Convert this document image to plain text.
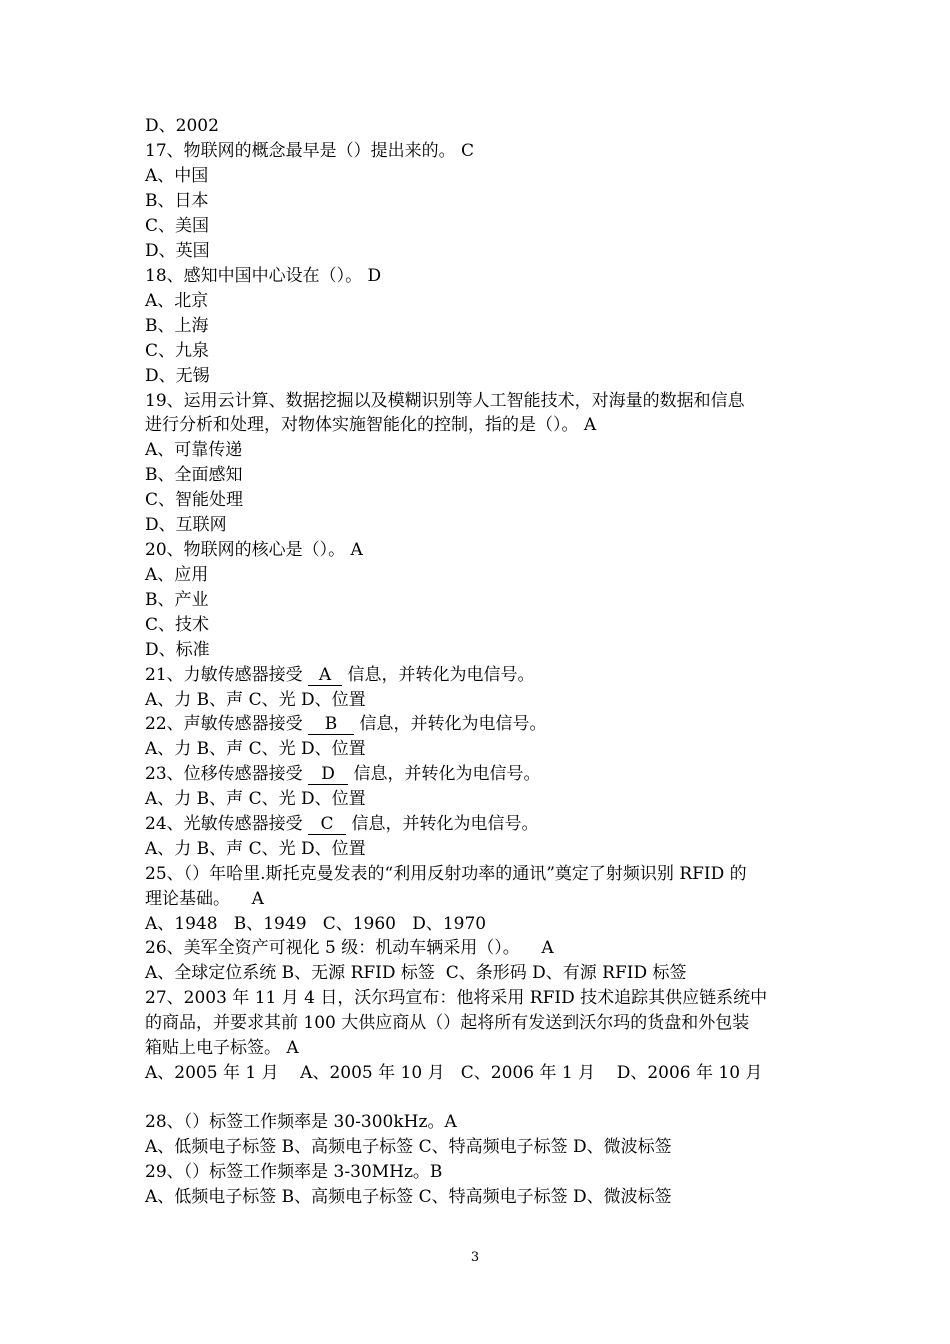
D、2002
17、物联网的概念最早是（）提出来的。 C
A、中国
B、日本
C、美国
D、英国
18、感知中国中心设在（）。 D
A、北京
B、上海
C、九泉
D、无锡
19、运用云计算、数据挖掘以及模糊识别等人工智能技术，对海量的数据和信息
进行分析和处理，对物体实施智能化的控制，指的是（）。 A
A、可靠传递
B、全面感知
C、智能处理
D、互联网
20、物联网的核心是（）。 A
A、应用
B、产业
C、技术
D、标准
21、力敏传感器接受 A 信息，并转化为电信号。
A、力 B、声 C、光 D、位置
22、声敏传感器接受 B 信息，并转化为电信号。
A、力 B、声 C、光 D、位置
23、位移传感器接受 D 信息，并转化为电信号。
A、力 B、声 C、光 D、位置
24、光敏传感器接受 C 信息，并转化为电信号。
A、力 B、声 C、光 D、位置
25、（）年哈里.斯托克曼发表的“利用反射功率的通讯”奠定了射频识别 RFID 的
理论基础。    A
A、1948   B、1949   C、1960   D、1970
26、美军全资产可视化 5 级：机动车辆采用（）。    A
A、全球定位系统 B、无源 RFID 标签  C、条形码 D、有源 RFID 标签
27、2003 年 11 月 4 日，沃尔玛宣布：他将采用 RFID 技术追踪其供应链系统中
的商品，并要求其前 100 大供应商从（）起将所有发送到沃尔玛的货盘和外包装
箱贴上电子标签。 A
A、2005 年 1 月    A、2005 年 10 月   C、2006 年 1 月    D、2006 年 10 月
28、（）标签工作频率是 30-300kHz。A
A、低频电子标签 B、高频电子标签 C、特高频电子标签 D、微波标签
29、（）标签工作频率是 3-30MHz。B
A、低频电子标签 B、高频电子标签 C、特高频电子标签 D、微波标签
3
